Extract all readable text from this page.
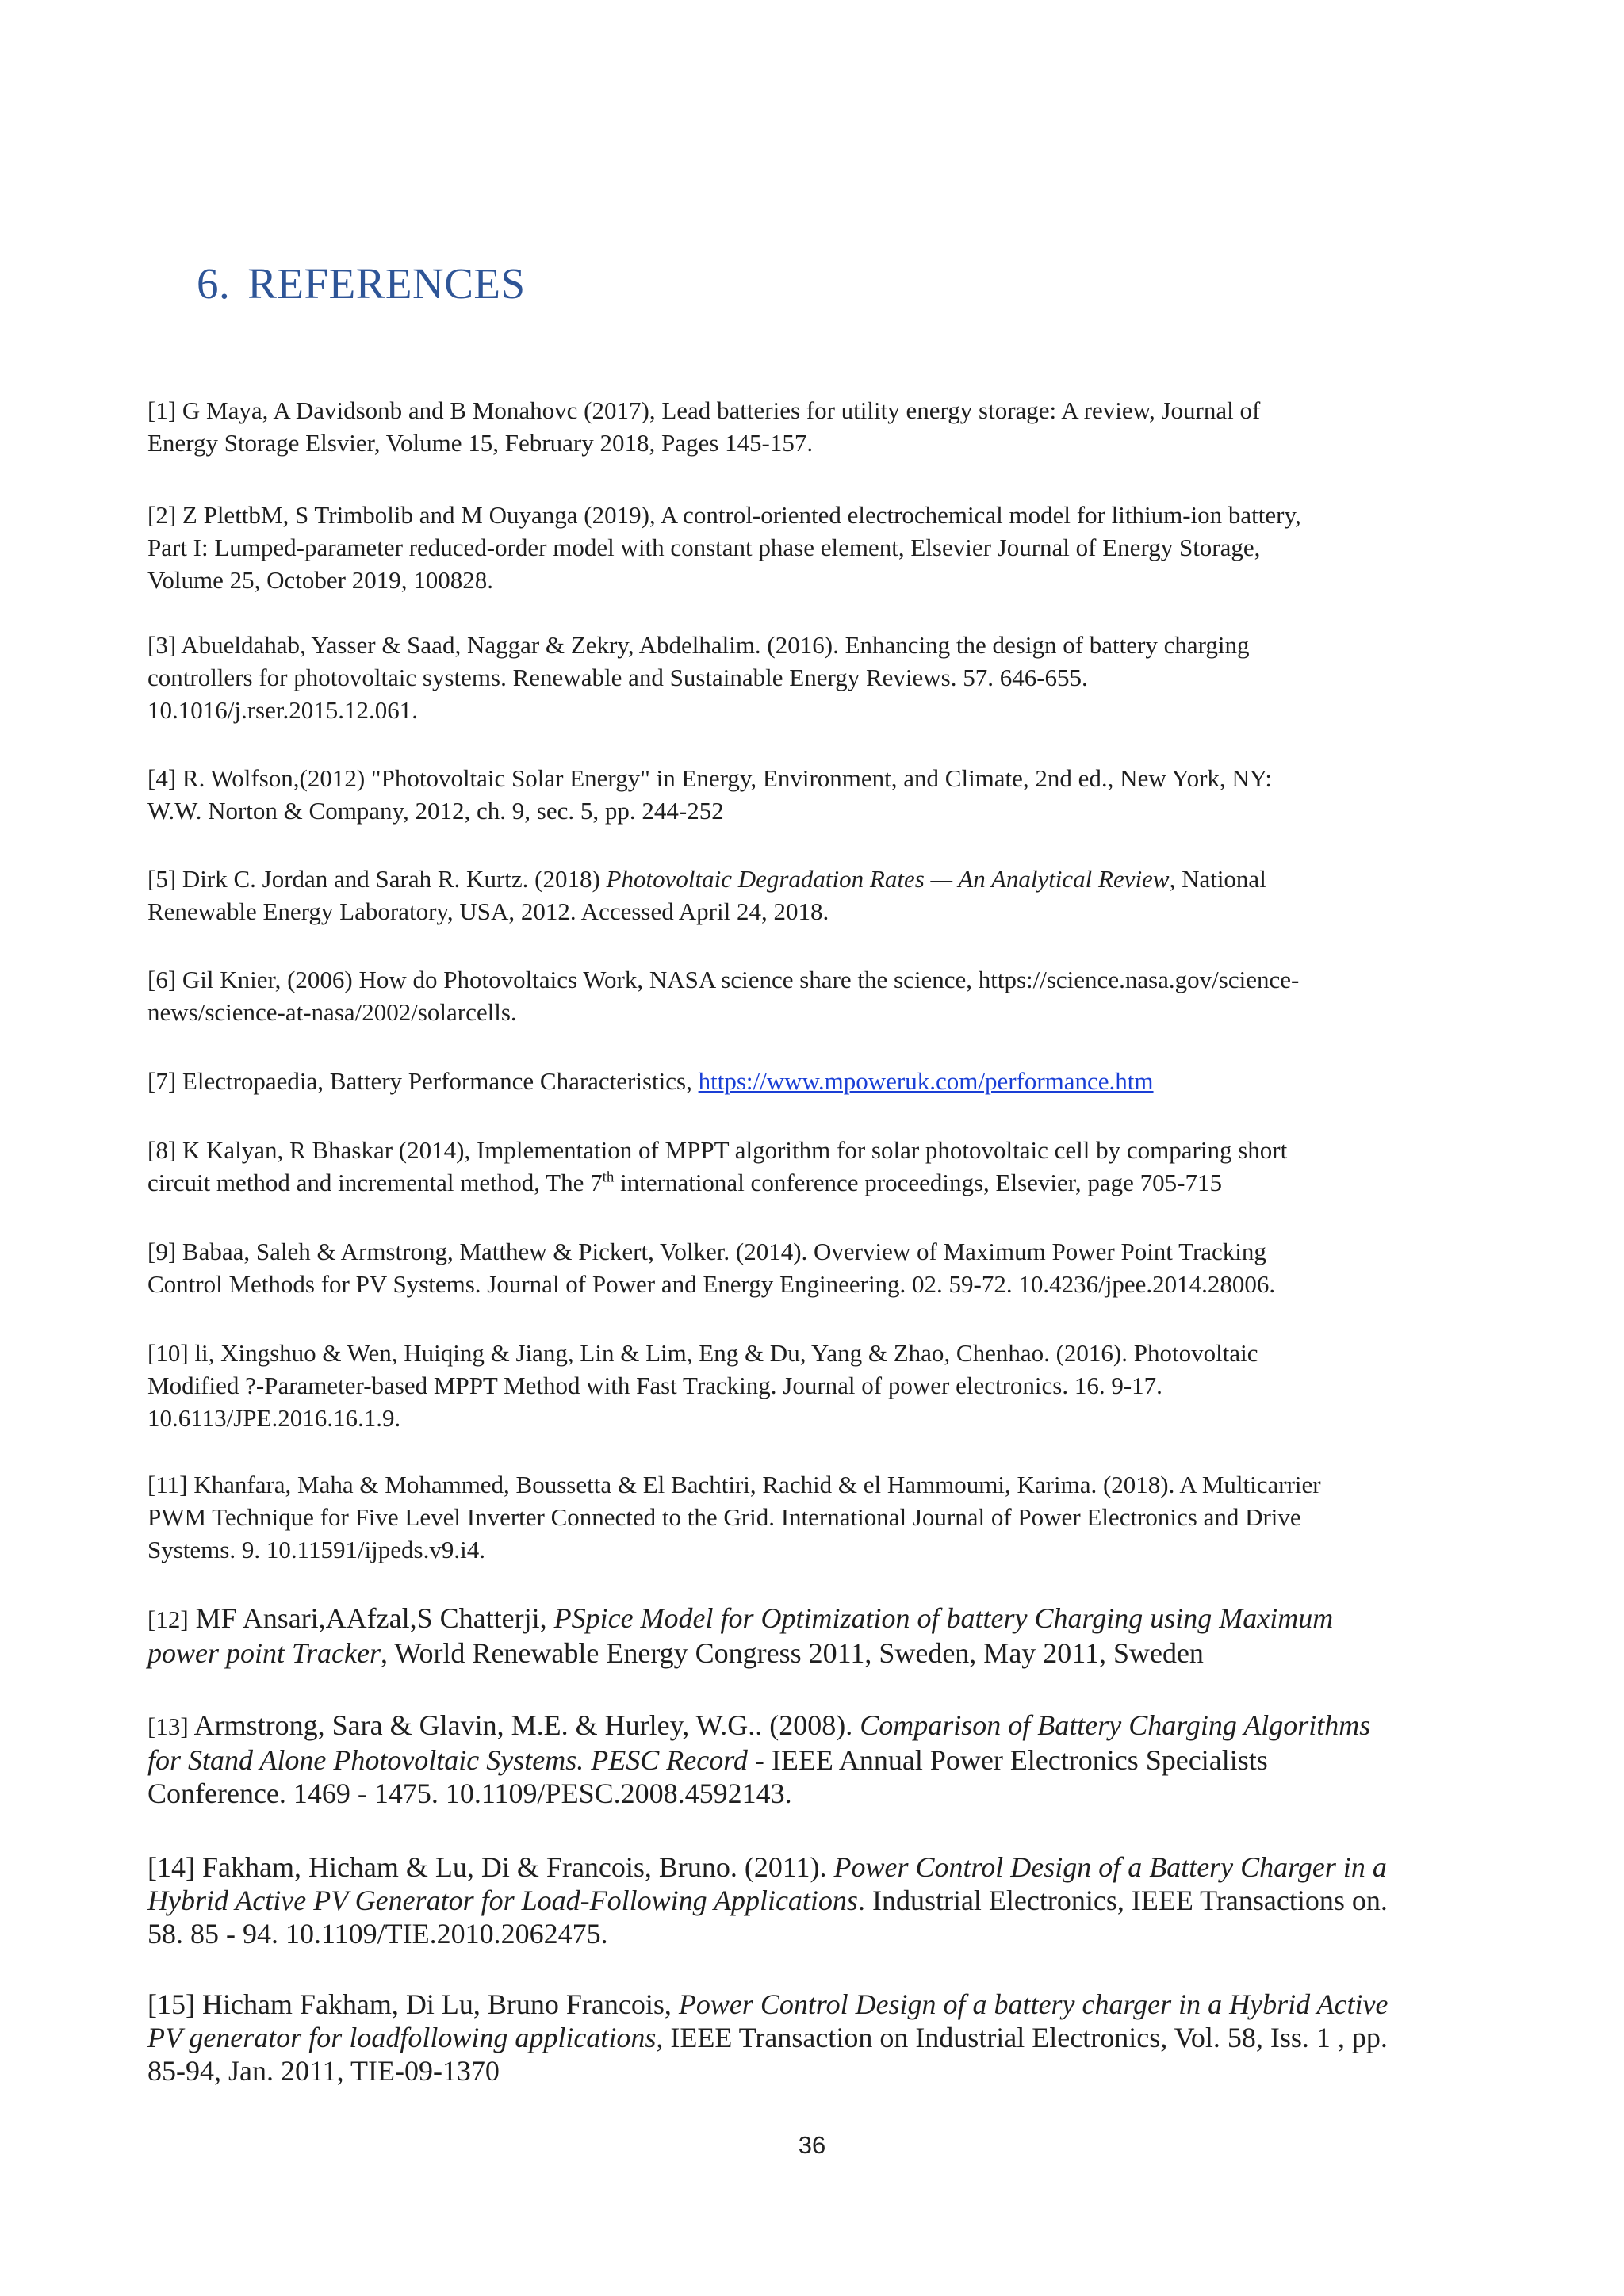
6. REFERENCES
[1] G Maya, A Davidsonb and B Monahovc (2017), Lead batteries for utility energy storage: A review, Journal of
Energy Storage Elsvier, Volume 15, February 2018, Pages 145-157.
[2] Z PlettbM, S Trimbolib and M Ouyanga (2019), A control-oriented electrochemical model for lithium-ion battery,
Part I: Lumped-parameter reduced-order model with constant phase element, Elsevier Journal of Energy Storage,
Volume 25, October 2019, 100828.
[3] Abueldahab, Yasser & Saad, Naggar & Zekry, Abdelhalim. (2016). Enhancing the design of battery charging
controllers for photovoltaic systems. Renewable and Sustainable Energy Reviews. 57. 646-655.
10.1016/j.rser.2015.12.061.
[4] R. Wolfson,(2012) "Photovoltaic Solar Energy" in Energy, Environment, and Climate, 2nd ed., New York, NY:
W.W. Norton & Company, 2012, ch. 9, sec. 5, pp. 244-252
[5] Dirk C. Jordan and Sarah R. Kurtz. (2018) Photovoltaic Degradation Rates — An Analytical Review, National
Renewable Energy Laboratory, USA, 2012. Accessed April 24, 2018.
[6] Gil Knier, (2006) How do Photovoltaics Work, NASA science share the science, https://science.nasa.gov/science-
news/science-at-nasa/2002/solarcells.
[7] Electropaedia, Battery Performance Characteristics, https://www.mpoweruk.com/performance.htm
[8] K Kalyan, R Bhaskar (2014), Implementation of MPPT algorithm for solar photovoltaic cell by comparing short
circuit method and incremental method, The 7th international conference proceedings, Elsevier, page 705-715
[9] Babaa, Saleh & Armstrong, Matthew & Pickert, Volker. (2014). Overview of Maximum Power Point Tracking
Control Methods for PV Systems. Journal of Power and Energy Engineering. 02. 59-72. 10.4236/jpee.2014.28006.
[10] li, Xingshuo & Wen, Huiqing & Jiang, Lin & Lim, Eng & Du, Yang & Zhao, Chenhao. (2016). Photovoltaic
Modified ?-Parameter-based MPPT Method with Fast Tracking. Journal of power electronics. 16. 9-17.
10.6113/JPE.2016.16.1.9.
[11] Khanfara, Maha & Mohammed, Boussetta & El Bachtiri, Rachid & el Hammoumi, Karima. (2018). A Multicarrier
PWM Technique for Five Level Inverter Connected to the Grid. International Journal of Power Electronics and Drive
Systems. 9. 10.11591/ijpeds.v9.i4.
[12] MF Ansari,AAfzal,S Chatterji, PSpice Model for Optimization of battery Charging using Maximum
power point Tracker, World Renewable Energy Congress 2011, Sweden, May 2011, Sweden
[13] Armstrong, Sara & Glavin, M.E. & Hurley, W.G.. (2008). Comparison of Battery Charging Algorithms
for Stand Alone Photovoltaic Systems. PESC Record - IEEE Annual Power Electronics Specialists
Conference. 1469 - 1475. 10.1109/PESC.2008.4592143.
[14] Fakham, Hicham & Lu, Di & Francois, Bruno. (2011). Power Control Design of a Battery Charger in a
Hybrid Active PV Generator for Load-Following Applications. Industrial Electronics, IEEE Transactions on.
58. 85 - 94. 10.1109/TIE.2010.2062475.
[15] Hicham Fakham, Di Lu, Bruno Francois, Power Control Design of a battery charger in a Hybrid Active
PV generator for loadfollowing applications, IEEE Transaction on Industrial Electronics, Vol. 58, Iss. 1 , pp.
85-94, Jan. 2011, TIE-09-1370
36
